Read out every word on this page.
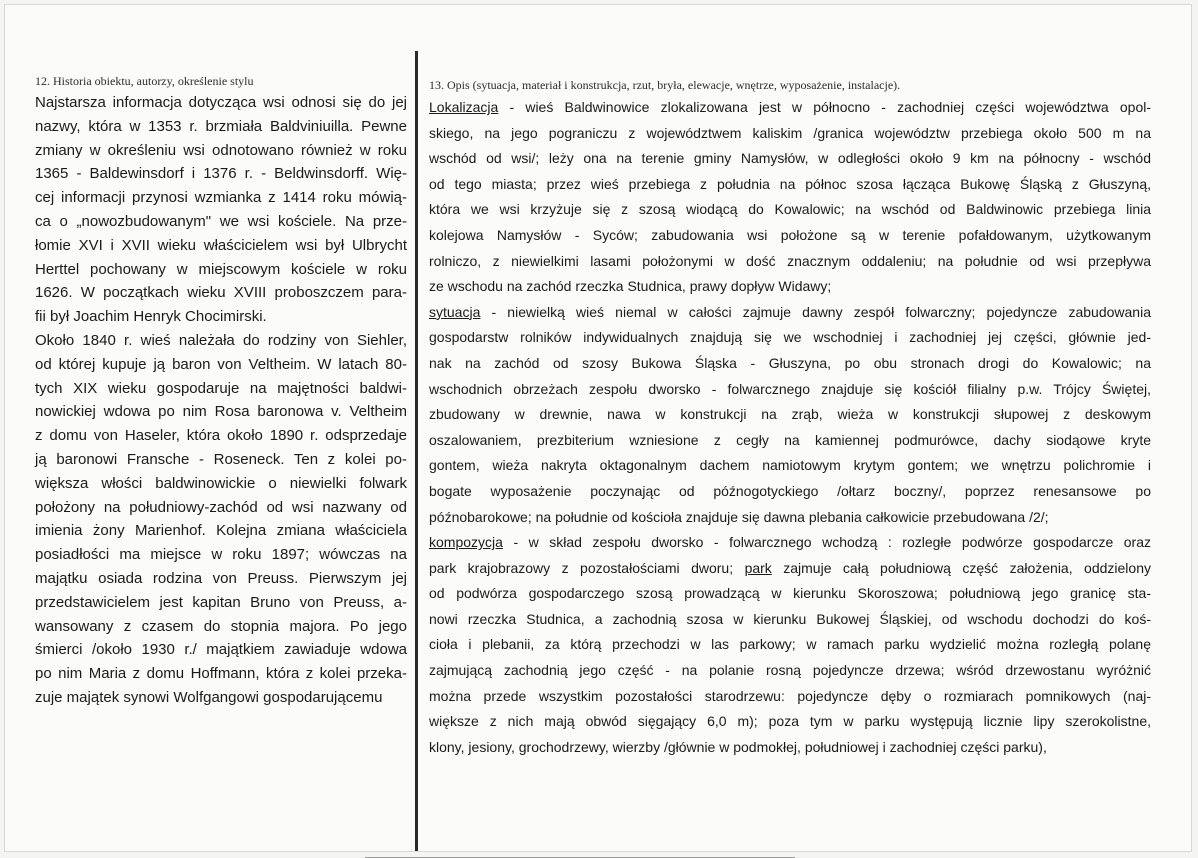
12. Historia obiektu, autorzy, określenie stylu
Najstarsza informacja dotycząca wsi odnosi się do jej
nazwy, która w 1353 r. brzmiała Baldviniuilla. Pewne
zmiany w określeniu wsi odnotowano również w roku
1365 - Baldewinsdorf i 1376 r. - Beldwinsdorff. Wię-
cej informacji przynosi wzmianka z 1414 roku mówią-
ca o „nowozbudowanym" we wsi kościele. Na prze-
łomie XVI i XVII wieku właścicielem wsi był Ulbrycht
Herttel pochowany w miejscowym kościele w roku
1626. W początkach wieku XVIII proboszczem para-
fii był Joachim Henryk Chocimirski.
Około 1840 r. wieś należała do rodziny von Siehler,
od której kupuje ją baron von Veltheim. W latach 80-
tych XIX wieku gospodaruje na majętności baldwi-
nowickiej wdowa po nim Rosa baronowa v. Veltheim
z domu von Haseler, która około 1890 r. odsprzedaje
ją baronowi Fransche - Roseneck. Ten z kolei po-
większa włości baldwinowickie o niewielki folwark
położony na południowy-zachód od wsi nazwany od
imienia żony Marienhof. Kolejna zmiana właściciela
posiadłości ma miejsce w roku 1897; wówczas na
majątku osiada rodzina von Preuss. Pierwszym jej
przedstawicielem jest kapitan Bruno von Preuss, a-
wansowany z czasem do stopnia majora. Po jego
śmierci /około 1930 r./ majątkiem zawiaduje wdowa
po nim Maria z domu Hoffmann, która z kolei przeka-
zuje majątek synowi Wolfgangowi gospodarującemu
13. Opis (sytuacja, materiał i konstrukcja, rzut, bryła, elewacje, wnętrze, wyposażenie, instalacje).
Lokalizacja - wieś Baldwinowice zlokalizowana jest w północno - zachodniej części województwa opol-
skiego, na jego pograniczu z województwem kaliskim /granica województw przebiega około 500 m na
wschód od wsi/; leży ona na terenie gminy Namysłów, w odległości około 9 km na północny - wschód
od tego miasta; przez wieś przebiega z południa na północ szosa łącząca Bukowę Śląską z Głuszyną,
która we wsi krzyżuje się z szosą wiodącą do Kowalowic; na wschód od Baldwinowic przebiega linia
kolejowa Namysłów - Syców; zabudowania wsi położone są w terenie pofałdowanym, użytkowanym
rolniczo, z niewielkimi lasami położonymi w dość znacznym oddaleniu; na południe od wsi przepływa
ze wschodu na zachód rzeczka Studnica, prawy dopływ Widawy;
sytuacja - niewielką wieś niemal w całości zajmuje dawny zespół folwarczny; pojedyncze zabudowania
gospodarstw rolników indywidualnych znajdują się we wschodniej i zachodniej jej części, głównie jed-
nak na zachód od szosy Bukowa Śląska - Głuszyna, po obu stronach drogi do Kowalowic; na
wschodnich obrzeżach zespołu dworsko - folwarcznego znajduje się kościół filialny p.w. Trójcy Świętej,
zbudowany w drewnie, nawa w konstrukcji na zrąb, wieża w konstrukcji słupowej z deskowym
oszalowaniem, prezbiterium wzniesione z cegły na kamiennej podmurówce, dachy siodąowe kryte
gontem, wieża nakryta oktagonalnym dachem namiotowym krytym gontem; we wnętrzu polichromie i
bogate wyposażenie poczynając od późnogotyckiego /ołtarz boczny/, poprzez renesansowe po
późnobarokowe; na południe od kościoła znajduje się dawna plebania całkowicie przebudowana /2/;
kompozycja - w skład zespołu dworsko - folwarcznego wchodzą : rozległe podwórze gospodarcze oraz
park krajobrazowy z pozostałościami dworu; park zajmuje całą południową część założenia, oddzielony
od podwórza gospodarczego szosą prowadzącą w kierunku Skoroszowa; południową jego granicę sta-
nowi rzeczka Studnica, a zachodnią szosa w kierunku Bukowej Śląskiej, od wschodu dochodzi do koś-
cioła i plebanii, za którą przechodzi w las parkowy; w ramach parku wydzielić można rozległą polanę
zajmującą zachodnią jego część - na polanie rosną pojedyncze drzewa; wśród drzewostanu wyróżnić
można przede wszystkim pozostałości starodrzewu: pojedyncze dęby o rozmiarach pomnikowych (naj-
większe z nich mają obwód sięgający 6,0 m); poza tym w parku występują licznie lipy szerokolistne,
klony, jesiony, grochodrzewy, wierzby /głównie w podmokłej, południowej i zachodniej części parku),
